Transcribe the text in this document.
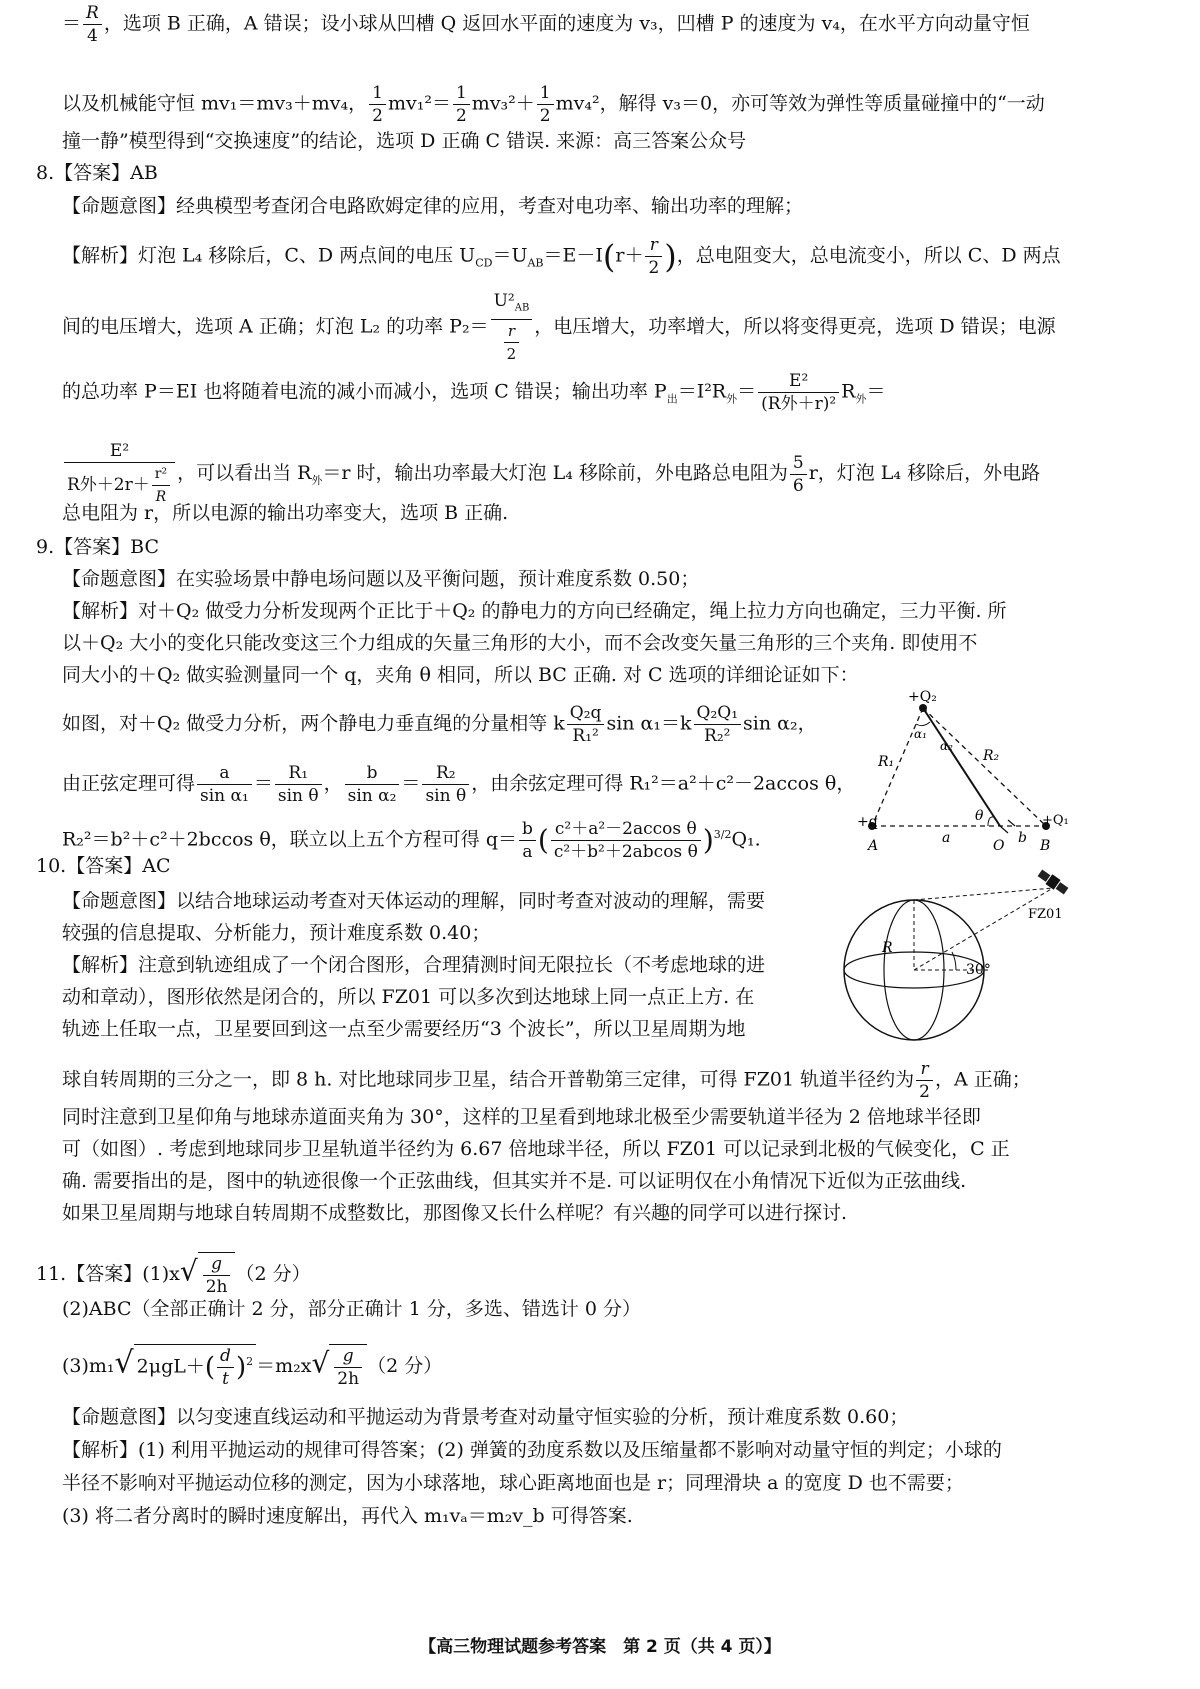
＝ $\frac{R}{4}$ ，选项 B 正确，A 错误；设小球从凹槽 Q 返回水平面的速度为 v₃，凹槽 P 的速度为 v₄，在水平方向动量守恒
以及机械能守恒 mv₁＝mv₃＋mv₄， $\frac{1}{2} mv_1^2= \frac{1}{2} mv_3^2+ \frac{1}{2} mv_4^2$，解得 v₃＝0，亦可等效为弹性等质量碰撞中的“一动
撞一静”模型得到“交换速度”的结论，选项 D 正确 C 错误. 来源：高三答案公众号
8.【答案】AB
【命题意图】经典模型考查闭合电路欧姆定律的应用，考查对电功率、输出功率的理解；
【解析】灯泡 L₄ 移除后，C、D 两点间的电压 $U_{CD}=U_{AB}=E-I(r+ \frac{r}{2}$ )，总电阻变大，总电流变小，所以 C、D 两点
间的电压增大，选项 A 正确；灯泡 L₂ 的功率 $P_2= \frac{U^2_{AB}}{\frac{r}{2}}$ ，电压增大，功率增大，所以将变得更亮，选项 D 错误；电源
的总功率 P＝EI 也将随着电流的减小而减小，选项 C 错误；输出功率 $P_出=I^2R_外= \frac{\text{E²}}{\text{(R外＋r)²}} R_外=$
$\frac{\text{E²}}{R外+2r+ \frac{\text{r²}}{R}}$ ，可以看出当 $R_外=r$ 时，输出功率最大灯泡 L₄ 移除前，外电路总电阻为 $\frac{5}{6}$ r，灯泡 L₄ 移除后，外电路
总电阻为 r，所以电源的输出功率变大，选项 B 正确.
9.【答案】BC
【命题意图】在实验场景中静电场问题以及平衡问题，预计难度系数 0.50；
【解析】对＋Q₂ 做受力分析发现两个正比于＋Q₂ 的静电力的方向已经确定，绳上拉力方向也确定，三力平衡. 所
以＋Q₂ 大小的变化只能改变这三个力组成的矢量三角形的大小，而不会改变矢量三角形的三个夹角. 即使用不
同大小的＋Q₂ 做实验测量同一个 q，夹角 θ 相同，所以 BC 正确. 对 C 选项的详细论证如下：
如图，对＋Q₂ 做受力分析，两个静电力垂直绳的分量相等 k $\frac{\text{Q₂q}}{\text{R₁²}}$ $\sin \alpha_1=k \frac{\text{Q₂Q₁}}{\text{R₂²}}$ sin α₂，
由正弦定理可得 $\frac{a}{\text{sin α₁}} = \frac{\text{R₁}}{\text{sin θ}}$ ， $\frac{b}{\text{sin α₂}} = \frac{\text{R₂}}{\text{sin θ}}$ ，由余弦定理可得 R₁²＝a²＋c²－2accos θ，
R₂²＝b²＋c²＋2bccos θ，联立以上五个方程可得 $q= \frac{b}{a}$ ( $\frac{\text{c²＋a²－2accos θ}}{\text{c²＋b²＋2abcos θ}} )^{3/2}Q_1$.
+Q₂
R₁	R₂
α₁
α₂
θ
+q	+Q₁
A	O	B
a	b
10.【答案】AC
【命题意图】以结合地球运动考查对天体运动的理解，同时考查对波动的理解，需要
较强的信息提取、分析能力，预计难度系数 0.40；
【解析】注意到轨迹组成了一个闭合图形，合理猜测时间无限拉长（不考虑地球的进
动和章动），图形依然是闭合的，所以 FZ01 可以多次到达地球上同一点正上方. 在
轨迹上任取一点，卫星要回到这一点至少需要经历“3 个波长”，所以卫星周期为地
球自转周期的三分之一，即 8 h. 对比地球同步卫星，结合开普勒第三定律，可得 FZ01 轨道半径约为 $\frac{r}{2}$ ，A 正确；
同时注意到卫星仰角与地球赤道面夹角为 30°，这样的卫星看到地球北极至少需要轨道半径为 2 倍地球半径即
可（如图）. 考虑到地球同步卫星轨道半径约为 6.67 倍地球半径，所以 FZ01 可以记录到北极的气候变化，C 正
确. 需要指出的是，图中的轨迹很像一个正弦曲线，但其实并不是. 可以证明仅在小角情况下近似为正弦曲线.
如果卫星周期与地球自转周期不成整数比，那图像又长什么样呢？有兴趣的同学可以进行探讨.
FZ01
R
30°
11.【答案】$(1)x√ \frac{g}{2h} (2$ 分）
(2)ABC（全部正确计 2 分，部分正确计 1 分，多选、错选计 0 分）
(3)m₁√ $2\mu gL+( \frac{d}{t} )^2 =m_2x√ \frac{g}{2h} (2$ 分）
【命题意图】以匀变速直线运动和平抛运动为背景考查对动量守恒实验的分析，预计难度系数 0.60；
【解析】(1) 利用平抛运动的规律可得答案；(2) 弹簧的劲度系数以及压缩量都不影响对动量守恒的判定；小球的
半径不影响对平抛运动位移的测定，因为小球落地，球心距离地面也是 r；同理滑块 a 的宽度 D 也不需要；
(3) 将二者分离时的瞬时速度解出，再代入 m₁vₐ＝m₂v_b 可得答案.
【高三物理试题参考答案　第 2 页（共 4 页）】
